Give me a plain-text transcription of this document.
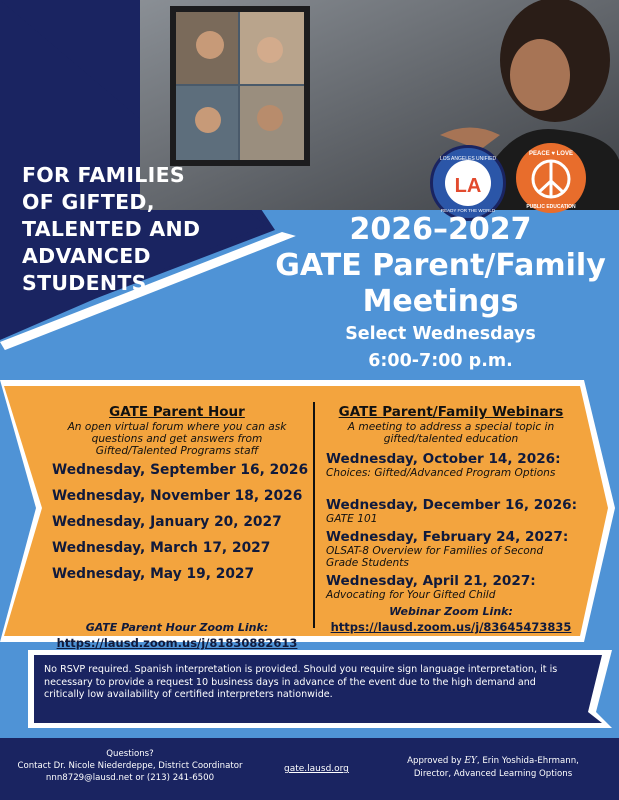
FOR FAMILIES OF GIFTED, TALENTED AND ADVANCED STUDENTS
LA
LOS ANGELES UNIFIED
READY FOR THE WORLD
PEACE ♥ LOVE
PUBLIC EDUCATION
2026–2027
GATE Parent/Family
Meetings
Select Wednesdays
6:00-7:00 p.m.
GATE Parent Hour
An open virtual forum where you can ask questions and get answers from Gifted/Talented Programs staff
Wednesday, September 16, 2026
Wednesday, November 18, 2026
Wednesday, January 20, 2027
Wednesday, March 17, 2027
Wednesday, May 19, 2027
GATE Parent Hour Zoom Link:
https://lausd.zoom.us/j/81830882613
GATE Parent/Family Webinars
A meeting to address a special topic in gifted/talented education
Wednesday, October 14, 2026:
Choices: Gifted/Advanced Program Options
Wednesday, December 16, 2026:
GATE 101
Wednesday, February 24, 2027:
OLSAT-8 Overview for Families of Second Grade Students
Wednesday, April 21, 2027:
Advocating for Your Gifted Child
Webinar Zoom Link:
https://lausd.zoom.us/j/83645473835
No RSVP required. Spanish interpretation is provided. Should you require sign language interpretation, it is necessary to provide a request 10 business days in advance of the event due to the high demand and critically low availability of certified interpreters nationwide.
Questions?
Contact Dr. Nicole Niederdeppe, District Coordinator
nnn8729@lausd.net or (213) 241-6500
gate.lausd.org
Approved by EY, Erin Yoshida-Ehrmann,
Director, Advanced Learning Options
